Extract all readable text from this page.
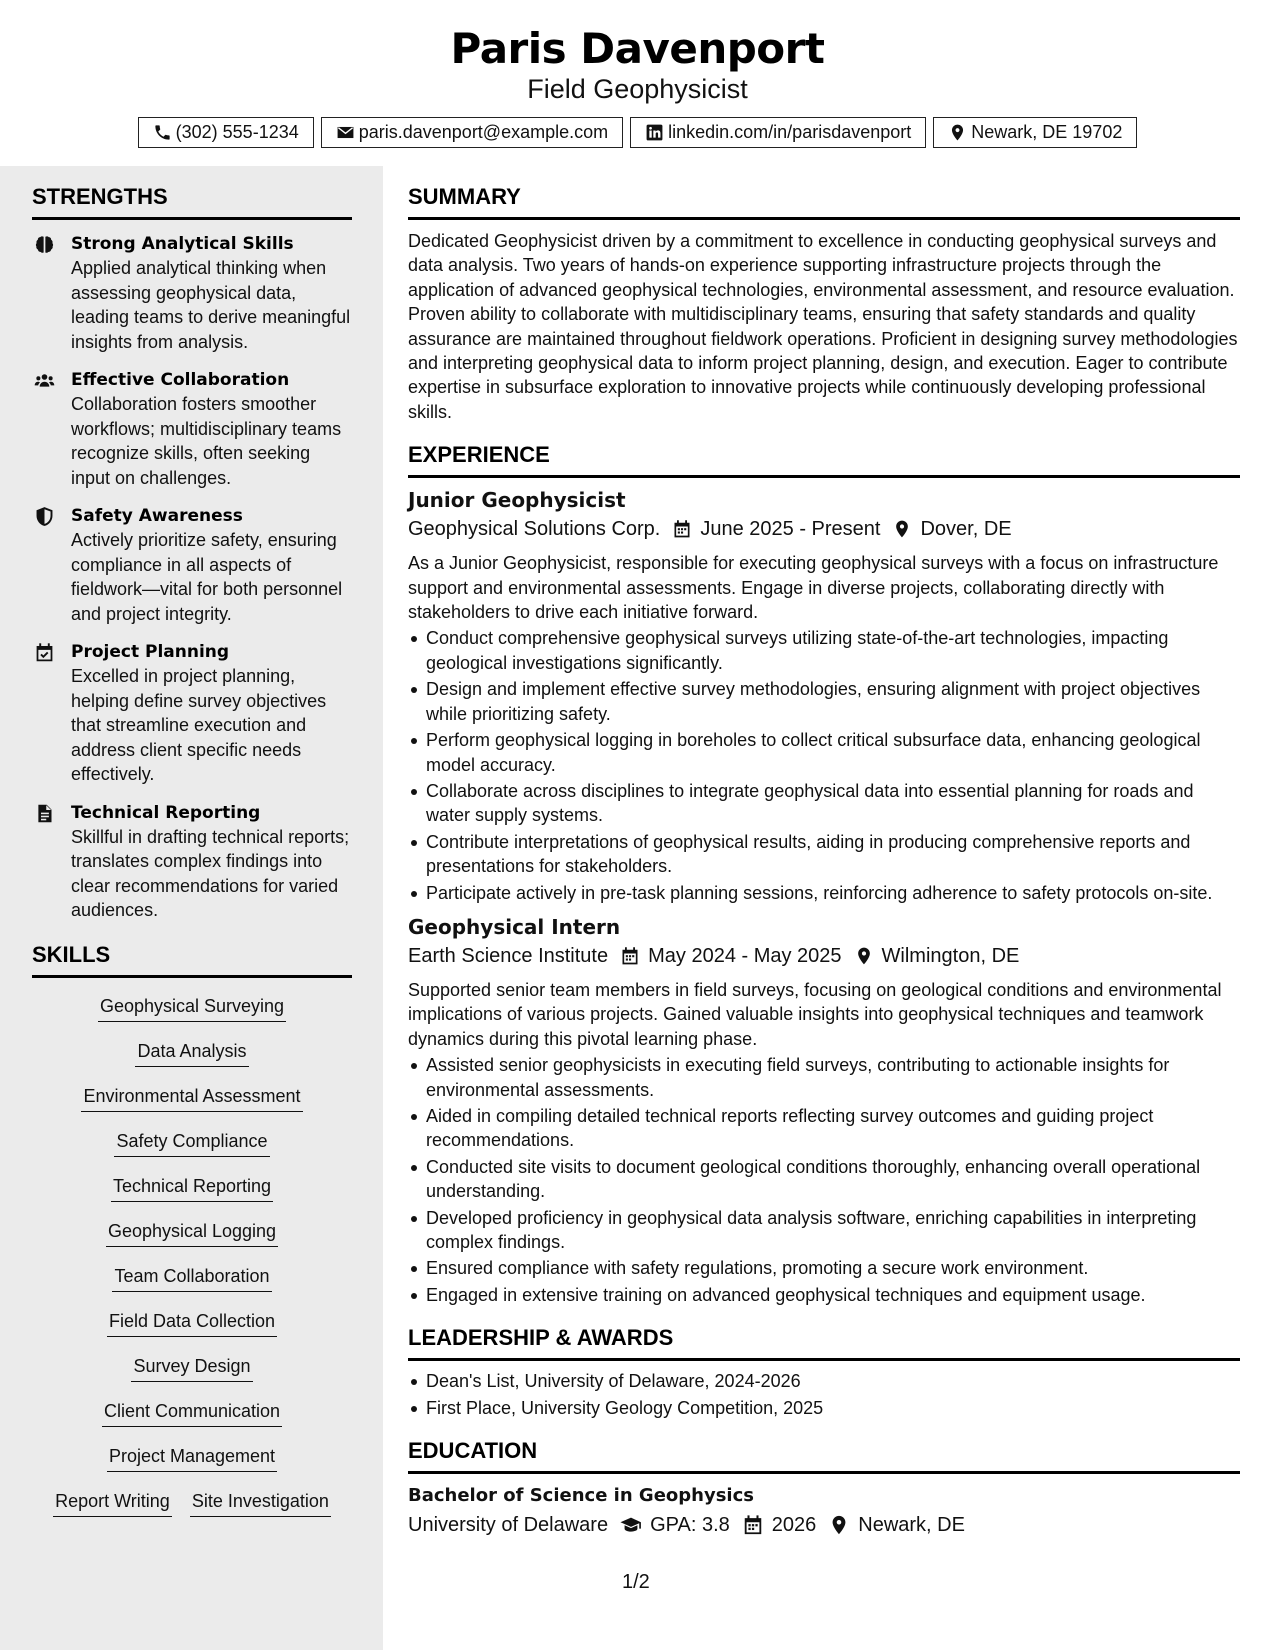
Paris Davenport
Field Geophysicist
(302) 555-1234	paris.davenport@example.com	linkedin.com/in/parisdavenport	Newark, DE 19702
STRENGTHS
Strong Analytical Skills
Applied analytical thinking when assessing geophysical data, leading teams to derive meaningful insights from analysis.
Effective Collaboration
Collaboration fosters smoother workflows; multidisciplinary teams recognize skills, often seeking input on challenges.
Safety Awareness
Actively prioritize safety, ensuring compliance in all aspects of fieldwork—vital for both personnel and project integrity.
Project Planning
Excelled in project planning, helping define survey objectives that streamline execution and address client specific needs effectively.
Technical Reporting
Skillful in drafting technical reports; translates complex findings into clear recommendations for varied audiences.
SKILLS
Geophysical Surveying
Data Analysis
Environmental Assessment
Safety Compliance
Technical Reporting
Geophysical Logging
Team Collaboration
Field Data Collection
Survey Design
Client Communication
Project Management
Report Writing Site Investigation
SUMMARY

Dedicated Geophysicist driven by a commitment to excellence in conducting geophysical surveys and data analysis. Two years of hands-on experience supporting infrastructure projects through the application of advanced geophysical technologies, environmental assessment, and resource evaluation. Proven ability to collaborate with multidisciplinary teams, ensuring that safety standards and quality assurance are maintained throughout fieldwork operations. Proficient in designing survey methodologies and interpreting geophysical data to inform project planning, design, and execution. Eager to contribute expertise in subsurface exploration to innovative projects while continuously developing professional skills.

EXPERIENCE
Junior Geophysicist
Geophysical Solutions Corp. June 2025 - Present Dover, DE

As a Junior Geophysicist, responsible for executing geophysical surveys with a focus on infrastructure support and environmental assessments. Engage in diverse projects, collaborating directly with stakeholders to drive each initiative forward.

Conduct comprehensive geophysical surveys utilizing state-of-the-art technologies, impacting geological investigations significantly.
Design and implement effective survey methodologies, ensuring alignment with project objectives while prioritizing safety.
Perform geophysical logging in boreholes to collect critical subsurface data, enhancing geological model accuracy.
Collaborate across disciplines to integrate geophysical data into essential planning for roads and water supply systems.
Contribute interpretations of geophysical results, aiding in producing comprehensive reports and presentations for stakeholders.
Participate actively in pre-task planning sessions, reinforcing adherence to safety protocols on-site.
Geophysical Intern
Earth Science Institute May 2024 - May 2025 Wilmington, DE

Supported senior team members in field surveys, focusing on geological conditions and environmental implications of various projects. Gained valuable insights into geophysical techniques and teamwork dynamics during this pivotal learning phase.

Assisted senior geophysicists in executing field surveys, contributing to actionable insights for environmental assessments.
Aided in compiling detailed technical reports reflecting survey outcomes and guiding project recommendations.
Conducted site visits to document geological conditions thoroughly, enhancing overall operational understanding.
Developed proficiency in geophysical data analysis software, enriching capabilities in interpreting complex findings.
Ensured compliance with safety regulations, promoting a secure work environment.
Engaged in extensive training on advanced geophysical techniques and equipment usage.
LEADERSHIP & AWARDS
Dean's List, University of Delaware, 2024-2026
First Place, University Geology Competition, 2025
EDUCATION
Bachelor of Science in Geophysics
University of Delaware GPA: 3.8 2026 Newark, DE
1/2
